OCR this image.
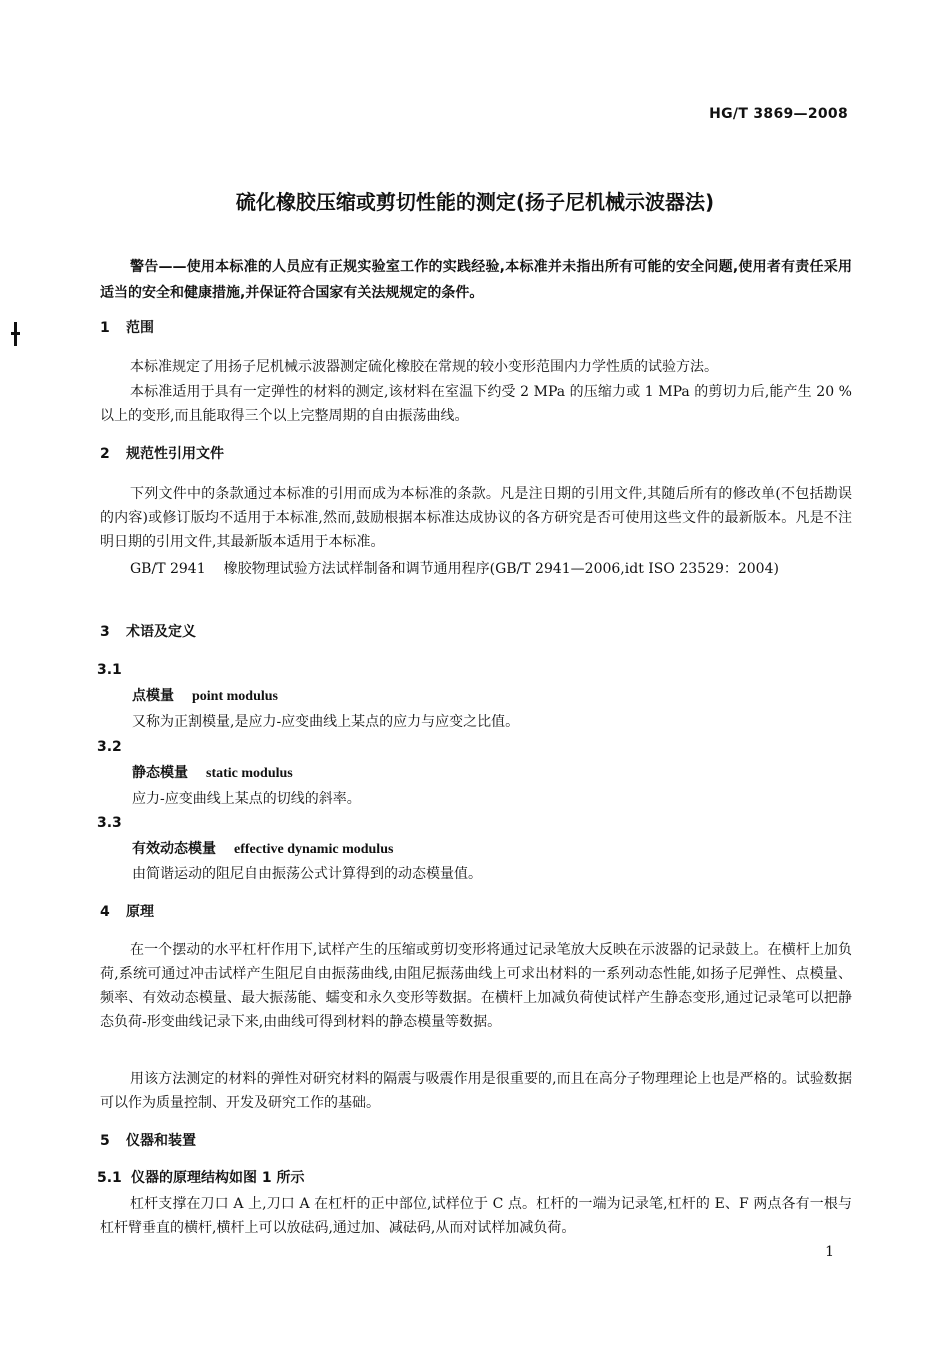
HG/T 3869—2008
硫化橡胶压缩或剪切性能的测定(扬子尼机械示波器法)
警告——使用本标准的人员应有正规实验室工作的实践经验,本标准并未指出所有可能的安全问题,使用者有责任采用适当的安全和健康措施,并保证符合国家有关法规规定的条件。
1 范围
本标准规定了用扬子尼机械示波器测定硫化橡胶在常规的较小变形范围内力学性质的试验方法。
本标准适用于具有一定弹性的材料的测定,该材料在室温下约受 2 MPa 的压缩力或 1 MPa 的剪切力后,能产生 20 %以上的变形,而且能取得三个以上完整周期的自由振荡曲线。
2 规范性引用文件
下列文件中的条款通过本标准的引用而成为本标准的条款。凡是注日期的引用文件,其随后所有的修改单(不包括勘误的内容)或修订版均不适用于本标准,然而,鼓励根据本标准达成协议的各方研究是否可使用这些文件的最新版本。凡是不注明日期的引用文件,其最新版本适用于本标准。
GB/T 2941 橡胶物理试验方法试样制备和调节通用程序(GB/T 2941—2006,idt ISO 23529：2004)
3 术语及定义
3.1
点模量 point modulus
又称为正割模量,是应力-应变曲线上某点的应力与应变之比值。
3.2
静态模量 static modulus
应力-应变曲线上某点的切线的斜率。
3.3
有效动态模量 effective dynamic modulus
由简谐运动的阻尼自由振荡公式计算得到的动态模量值。
4 原理
在一个摆动的水平杠杆作用下,试样产生的压缩或剪切变形将通过记录笔放大反映在示波器的记录鼓上。在横杆上加负荷,系统可通过冲击试样产生阻尼自由振荡曲线,由阻尼振荡曲线上可求出材料的一系列动态性能,如扬子尼弹性、点模量、频率、有效动态模量、最大振荡能、蠕变和永久变形等数据。在横杆上加减负荷使试样产生静态变形,通过记录笔可以把静态负荷-形变曲线记录下来,由曲线可得到材料的静态模量等数据。
用该方法测定的材料的弹性对研究材料的隔震与吸震作用是很重要的,而且在高分子物理理论上也是严格的。试验数据可以作为质量控制、开发及研究工作的基础。
5 仪器和装置
5.1 仪器的原理结构如图 1 所示
杠杆支撑在刀口 A 上,刀口 A 在杠杆的正中部位,试样位于 C 点。杠杆的一端为记录笔,杠杆的 E、F 两点各有一根与杠杆臂垂直的横杆,横杆上可以放砝码,通过加、减砝码,从而对试样加减负荷。
1
